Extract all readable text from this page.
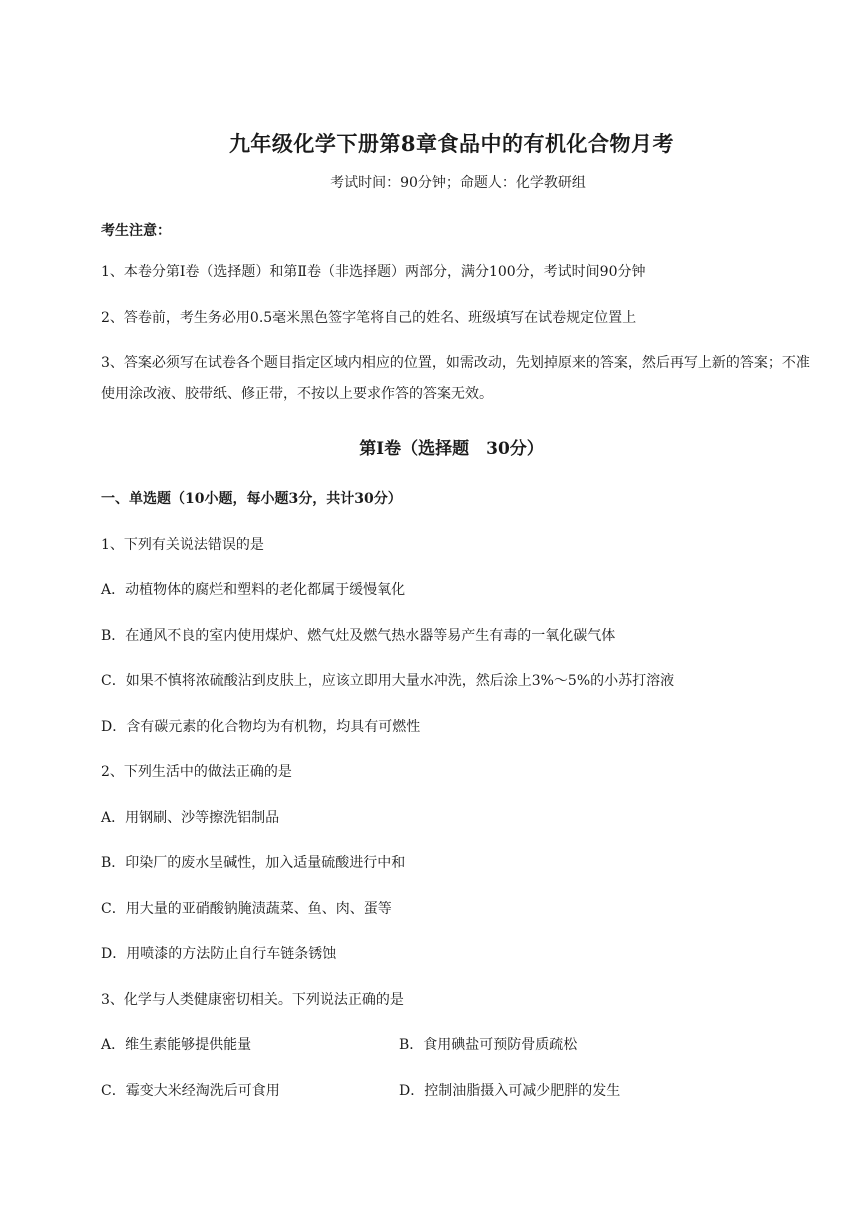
九年级化学下册第8章食品中的有机化合物月考
考试时间：90分钟；命题人：化学教研组
考生注意：
1、本卷分第I卷（选择题）和第Ⅱ卷（非选择题）两部分，满分100分，考试时间90分钟
2、答卷前，考生务必用0.5毫米黑色签字笔将自己的姓名、班级填写在试卷规定位置上
3、答案必须写在试卷各个题目指定区域内相应的位置，如需改动，先划掉原来的答案，然后再写上新的答案；不准使用涂改液、胶带纸、修正带，不按以上要求作答的答案无效。
第I卷（选择题　30分）
一、单选题（10小题，每小题3分，共计30分）
1、下列有关说法错误的是
A．动植物体的腐烂和塑料的老化都属于缓慢氧化
B．在通风不良的室内使用煤炉、燃气灶及燃气热水器等易产生有毒的一氧化碳气体
C．如果不慎将浓硫酸沾到皮肤上，应该立即用大量水冲洗，然后涂上3%～5%的小苏打溶液
D．含有碳元素的化合物均为有机物，均具有可燃性
2、下列生活中的做法正确的是
A．用钢刷、沙等擦洗铝制品
B．印染厂的废水呈碱性，加入适量硫酸进行中和
C．用大量的亚硝酸钠腌渍蔬菜、鱼、肉、蛋等
D．用喷漆的方法防止自行车链条锈蚀
3、化学与人类健康密切相关。下列说法正确的是
A．维生素能够提供能量	B．食用碘盐可预防骨质疏松
C．霉变大米经淘洗后可食用	D．控制油脂摄入可减少肥胖的发生
